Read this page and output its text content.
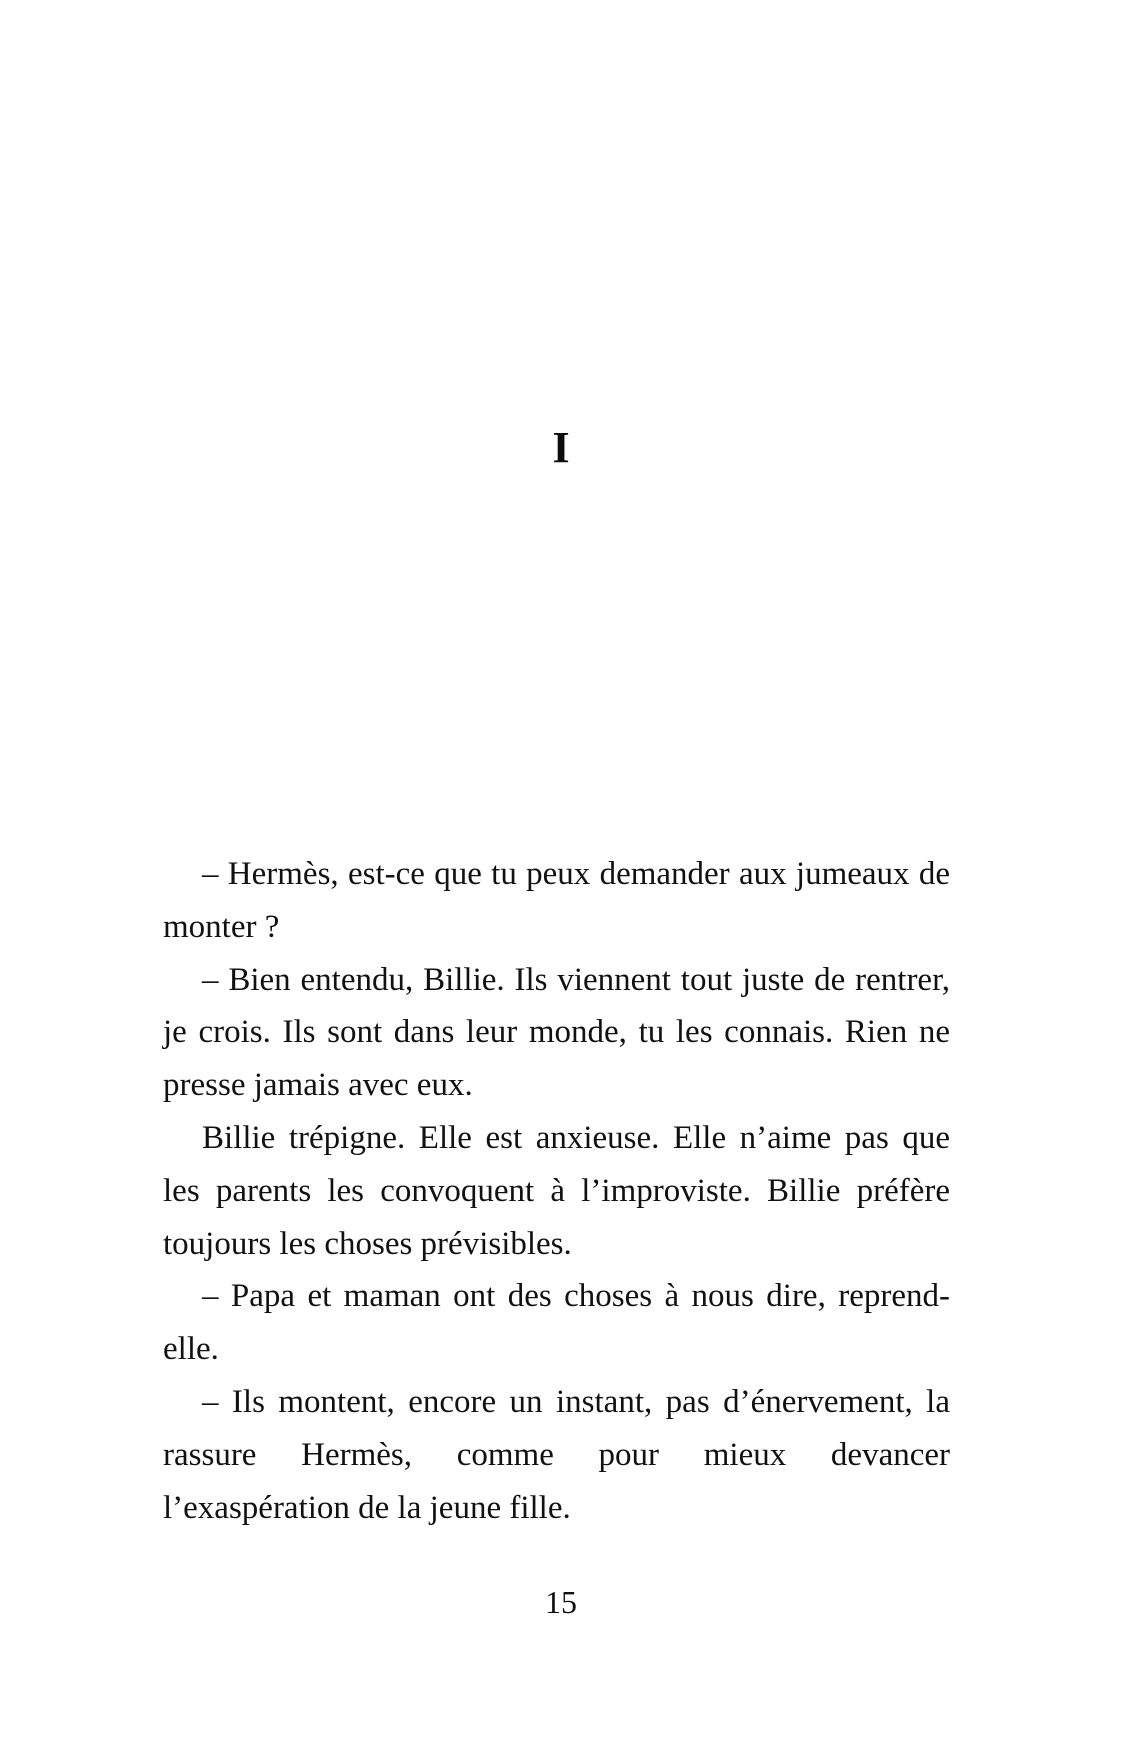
I

– Hermès, est-ce que tu peux demander aux jumeaux de monter ?

– Bien entendu, Billie. Ils viennent tout juste de rentrer, je crois. Ils sont dans leur monde, tu les connais. Rien ne presse jamais avec eux.

Billie trépigne. Elle est anxieuse. Elle n’aime pas que les parents les convoquent à l’improviste. Billie préfère toujours les choses prévisibles.

– Papa et maman ont des choses à nous dire, reprend-elle.

– Ils montent, encore un instant, pas d’énervement, la rassure Hermès, comme pour mieux devancer l’exaspération de la jeune fille.

15
